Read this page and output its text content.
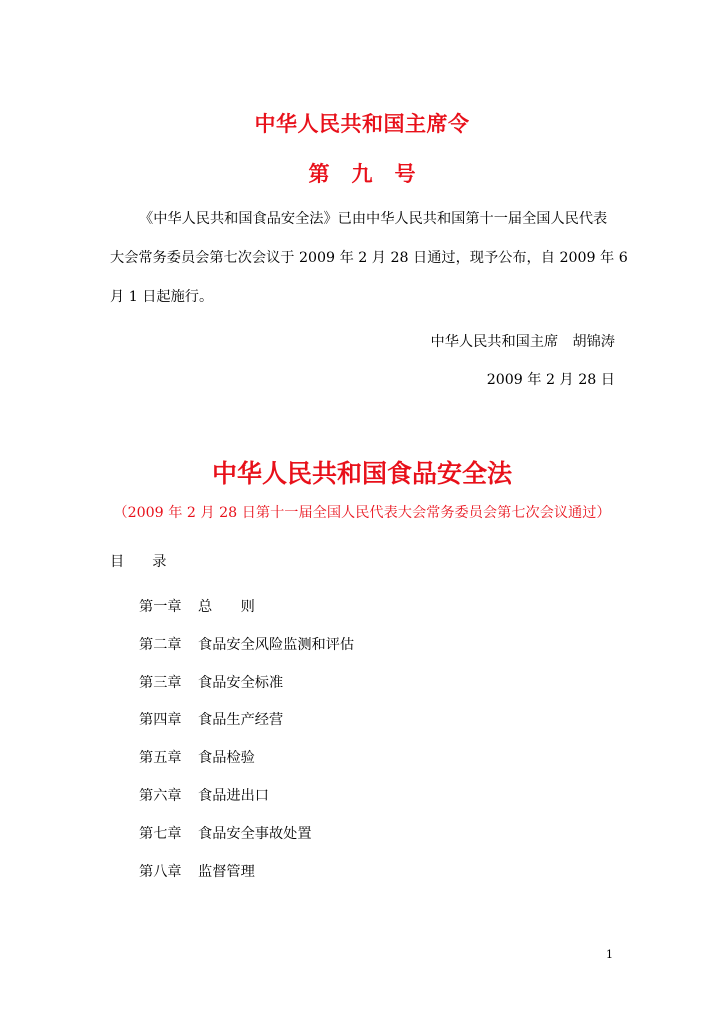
中华人民共和国主席令
第九号
《中华人民共和国食品安全法》已由中华人民共和国第十一届全国人民代表
大会常务委员会第七次会议于 2009 年 2 月 28 日通过，现予公布，自 2009 年 6
月 1 日起施行。
中华人民共和国主席　胡锦涛
2009 年 2 月 28 日
中华人民共和国食品安全法
（2009 年 2 月 28 日第十一届全国人民代表大会常务委员会第七次会议通过）
目录
第一章 总　　则
第二章 食品安全风险监测和评估
第三章 食品安全标准
第四章 食品生产经营
第五章 食品检验
第六章 食品进出口
第七章 食品安全事故处置
第八章 监督管理
1
